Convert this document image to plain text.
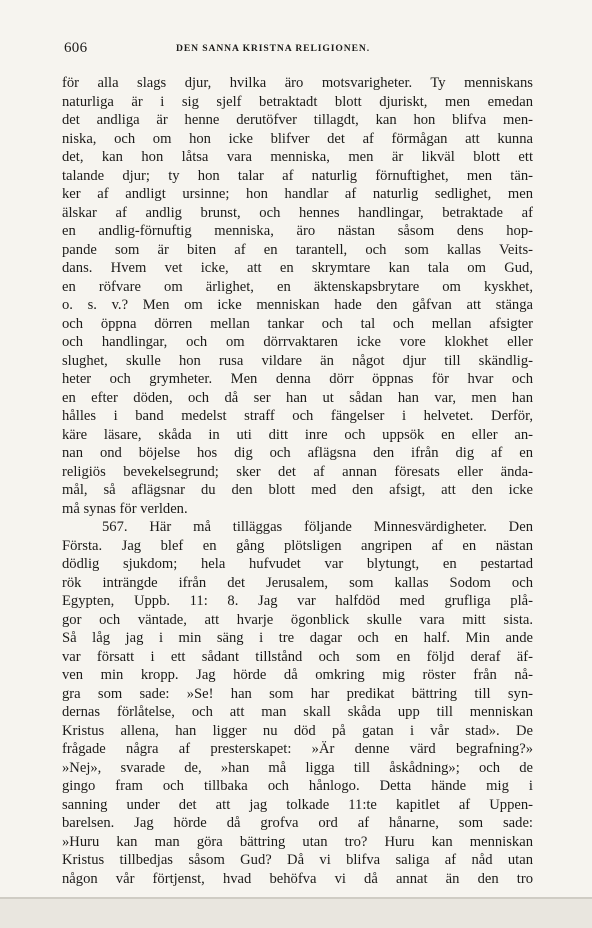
606	DEN SANNA KRISTNA RELIGIONEN.
för alla slags djur, hvilka äro motsvarigheter. Ty menniskans
naturliga är i sig sjelf betraktadt blott djuriskt, men emedan
det andliga är henne derutöfver tillagdt, kan hon blifva men-
niska, och om hon icke blifver det af förmågan att kunna
det, kan hon låtsa vara menniska, men är likväl blott ett
talande djur; ty hon talar af naturlig förnuftighet, men tän-
ker af andligt ursinne; hon handlar af naturlig sedlighet, men
älskar af andlig brunst, och hennes handlingar, betraktade af
en andlig-förnuftig menniska, äro nästan såsom dens hop-
pande som är biten af en tarantell, och som kallas Veits-
dans. Hvem vet icke, att en skrymtare kan tala om Gud,
en röfvare om ärlighet, en äktenskapsbrytare om kyskhet,
o. s. v.? Men om icke menniskan hade den gåfvan att stänga
och öppna dörren mellan tankar och tal och mellan afsigter
och handlingar, och om dörrvaktaren icke vore klokhet eller
slughet, skulle hon rusa vildare än något djur till skändlig-
heter och grymheter. Men denna dörr öppnas för hvar och
en efter döden, och då ser han ut sådan han var, men han
hålles i band medelst straff och fängelser i helvetet. Derför,
käre läsare, skåda in uti ditt inre och uppsök en eller an-
nan ond böjelse hos dig och aflägsna den ifrån dig af en
religiös bevekelsegrund; sker det af annan föresats eller ända-
mål, så aflägsnar du den blott med den afsigt, att den icke
må synas för verlden.
567. Här må tilläggas följande Minnesvärdigheter. Den
Första. Jag blef en gång plötsligen angripen af en nästan
dödlig sjukdom; hela hufvudet var blytungt, en pestartad
rök inträngde ifrån det Jerusalem, som kallas Sodom och
Egypten, Uppb. 11: 8. Jag var halfdöd med grufliga plå-
gor och väntade, att hvarje ögonblick skulle vara mitt sista.
Så låg jag i min säng i tre dagar och en half. Min ande
var försatt i ett sådant tillstånd och som en följd deraf äf-
ven min kropp. Jag hörde då omkring mig röster från nå-
gra som sade: »Se! han som har predikat bättring till syn-
dernas förlåtelse, och att man skall skåda upp till menniskan
Kristus allena, han ligger nu död på gatan i vår stad». De
frågade några af presterskapet: »Är denne värd begrafning?»
»Nej», svarade de, »han må ligga till åskådning»; och de
gingo fram och tillbaka och hånlogo. Detta hände mig i
sanning under det att jag tolkade 11:te kapitlet af Uppen-
barelsen. Jag hörde då grofva ord af hånarne, som sade:
»Huru kan man göra bättring utan tro? Huru kan menniskan
Kristus tillbedjas såsom Gud? Då vi blifva saliga af nåd utan
någon vår förtjenst, hvad behöfva vi då annat än den tro
